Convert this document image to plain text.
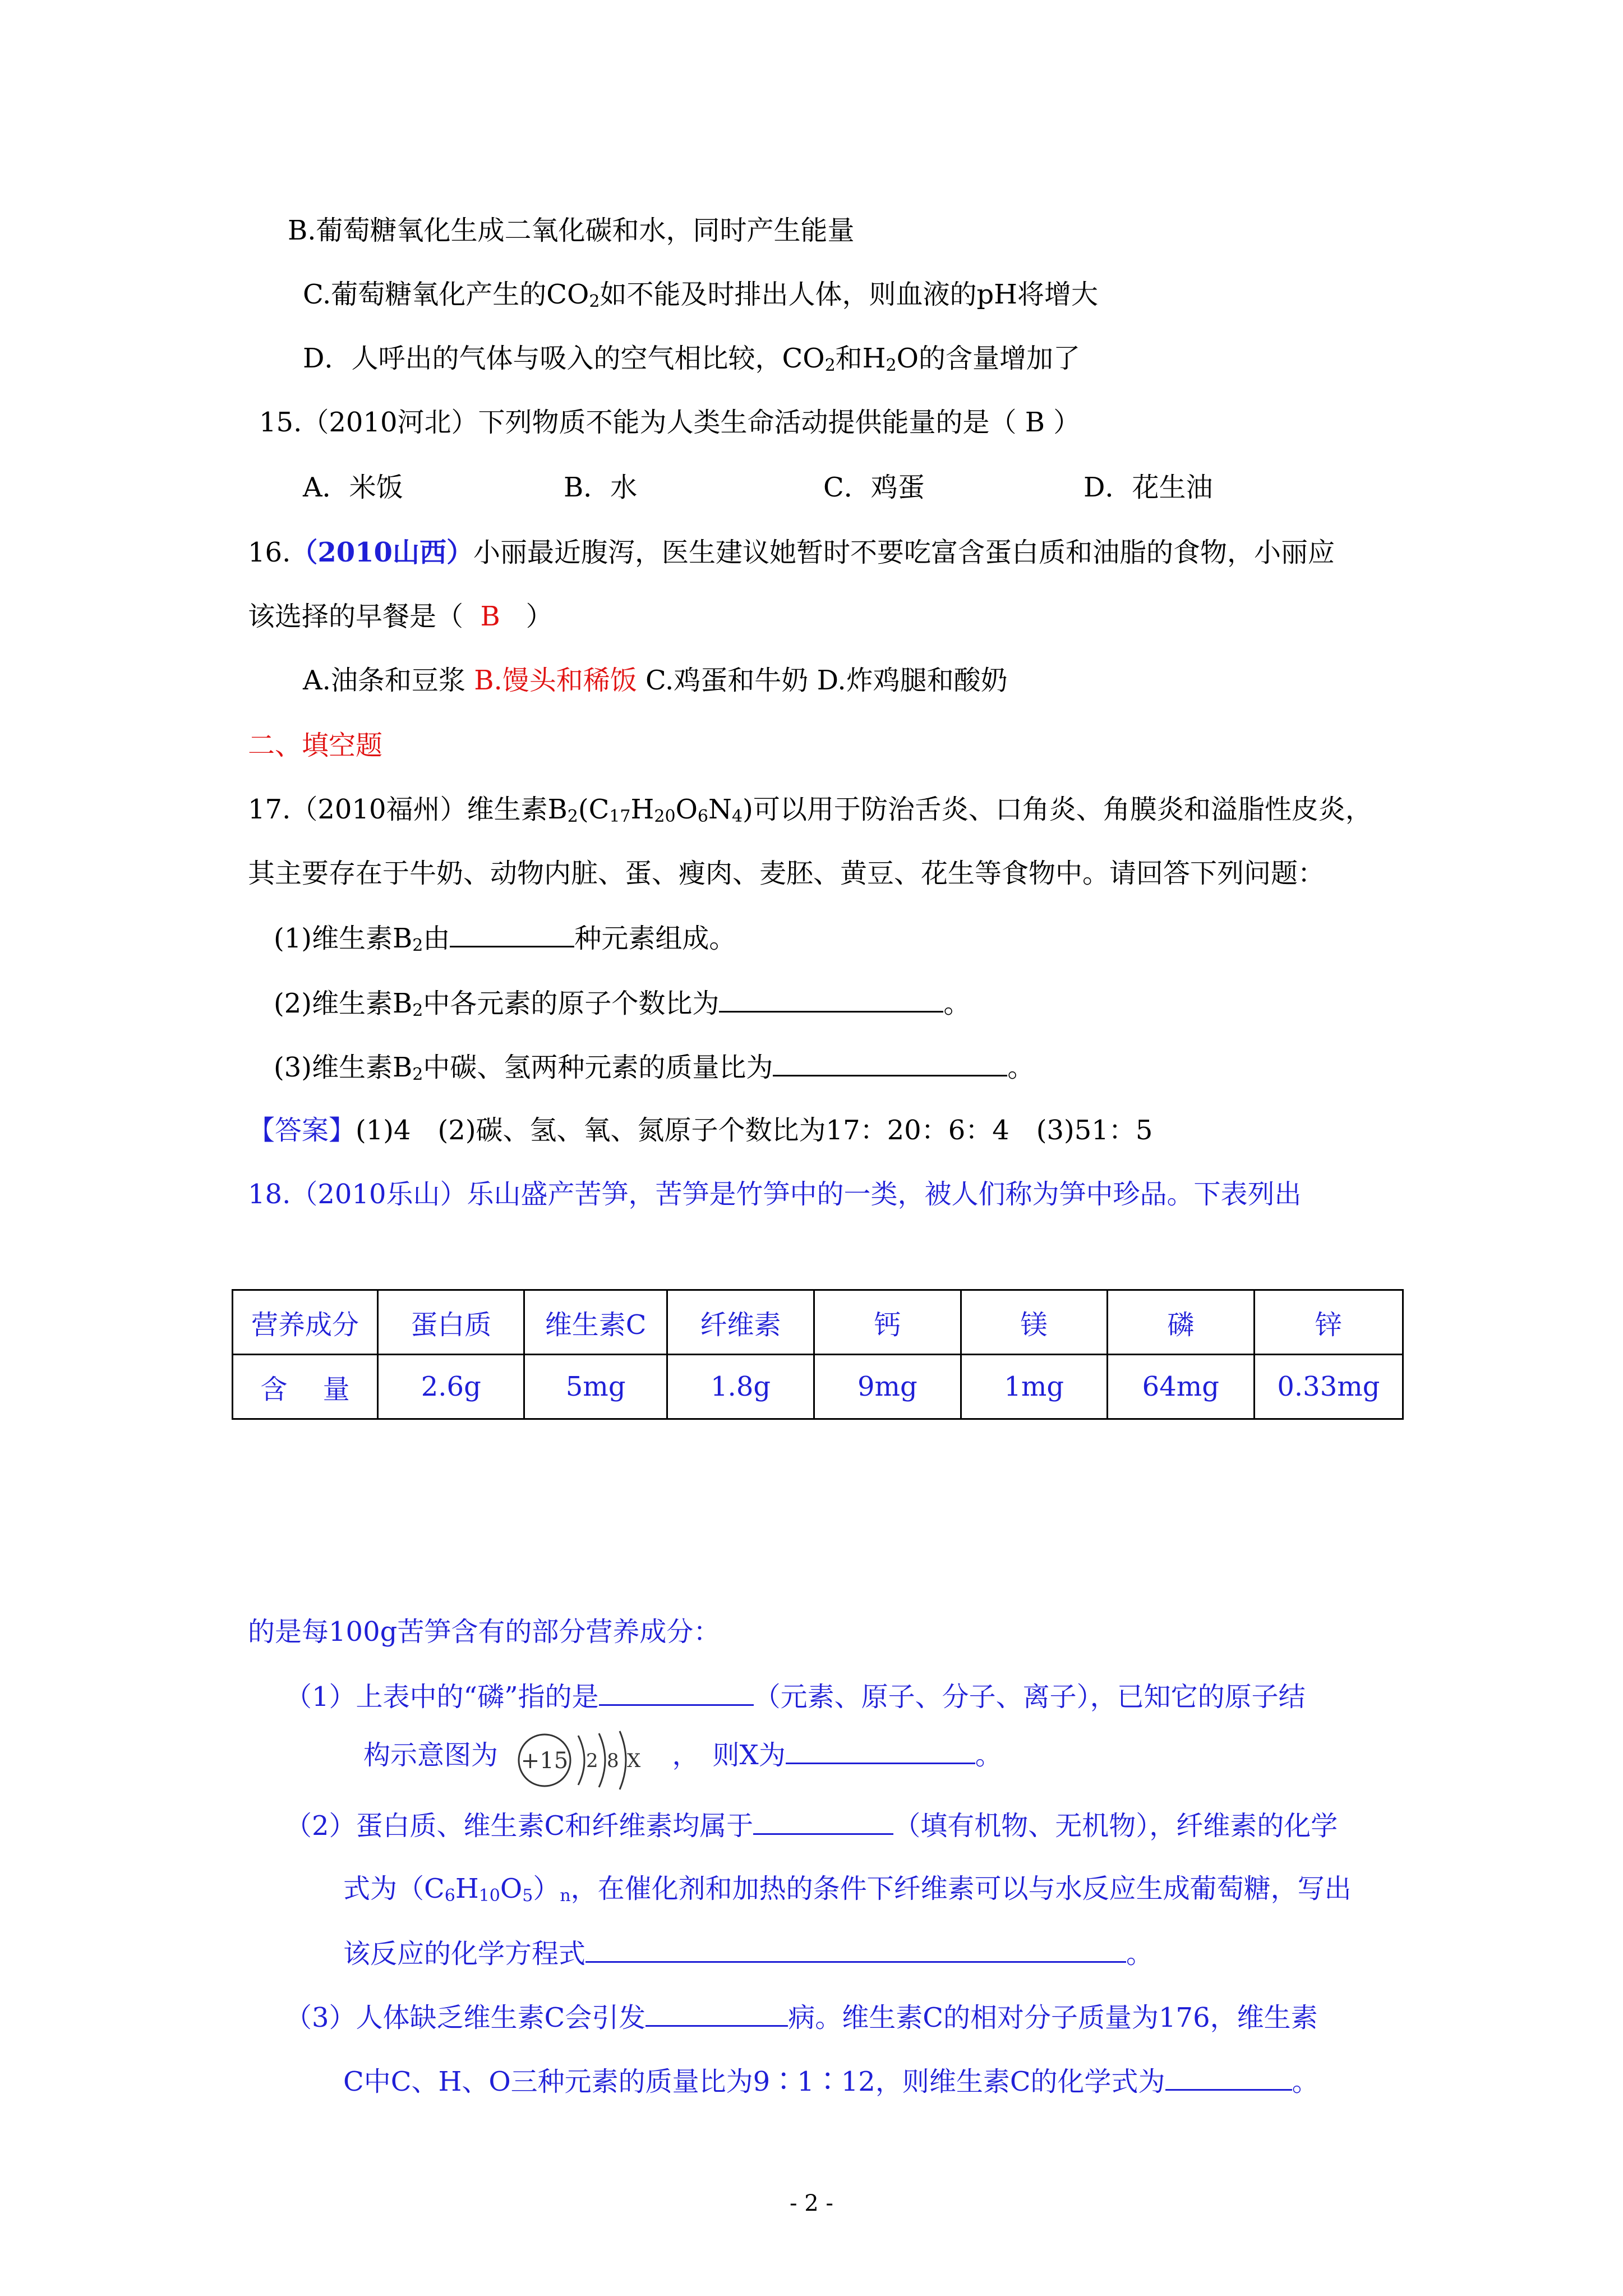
B.葡萄糖氧化生成二氧化碳和水，同时产生能量
C.葡萄糖氧化产生的$CO_2$如不能及时排出人体，则血液的pH将增大
D．人呼出的气体与吸入的空气相比较，$CO_2$和$H_2O$的含量增加了
15.（2010河北）下列物质不能为人类生命活动提供能量的是（ B ）
A．米饭	B．水	C．鸡蛋	D．花生油
16.（2010山西）小丽最近腹泻，医生建议她暂时不要吃富含蛋白质和油脂的食物，小丽应
该选择的早餐是（ B ）
A.油条和豆浆 B.馒头和稀饭 C.鸡蛋和牛奶 D.炸鸡腿和酸奶
二、填空题
17.（2010福州）维生素$B_2(C_{17}H_{20}O_6N_4)$可以用于防治舌炎、口角炎、角膜炎和溢脂性皮炎，
其主要存在于牛奶、动物内脏、蛋、瘦肉、麦胚、黄豆、花生等食物中。请回答下列问题：
(1)维生素$B_2$由	种元素组成。
(2)维生素$B_2$中各元素的原子个数比为	。
(3)维生素$B_2$中碳、氢两种元素的质量比为	。
【答案】(1)4　(2)碳、氢、氧、氮原子个数比为17：20：6：4　(3)51：5
18.（2010乐山）乐山盛产苦笋，苦笋是竹笋中的一类，被人们称为笋中珍品。下表列出
营养成分	蛋白质	维生素C	纤维素	钙	镁	磷	锌
含　 量	2.6g	5mg	1.8g	9mg	1mg	64mg	0.33mg
的是每100g苦笋含有的部分营养成分：
（1）上表中的“磷”指的是	（元素、原子、分子、离子），已知它的原子结
构示意图为 +15 2 8 X ，　则X为	。
（2）蛋白质、维生素C和纤维素均属于	（填有机物、无机物），纤维素的化学
式为$(C_6H_{10}O_5)_n$，在催化剂和加热的条件下纤维素可以与水反应生成葡萄糖，写出
该反应的化学方程式	。
（3）人体缺乏维生素C会引发	病。维生素C的相对分子质量为176，维生素
C中C、H、O三种元素的质量比为9∶1∶12，则维生素C的化学式为	。
- 2 -
